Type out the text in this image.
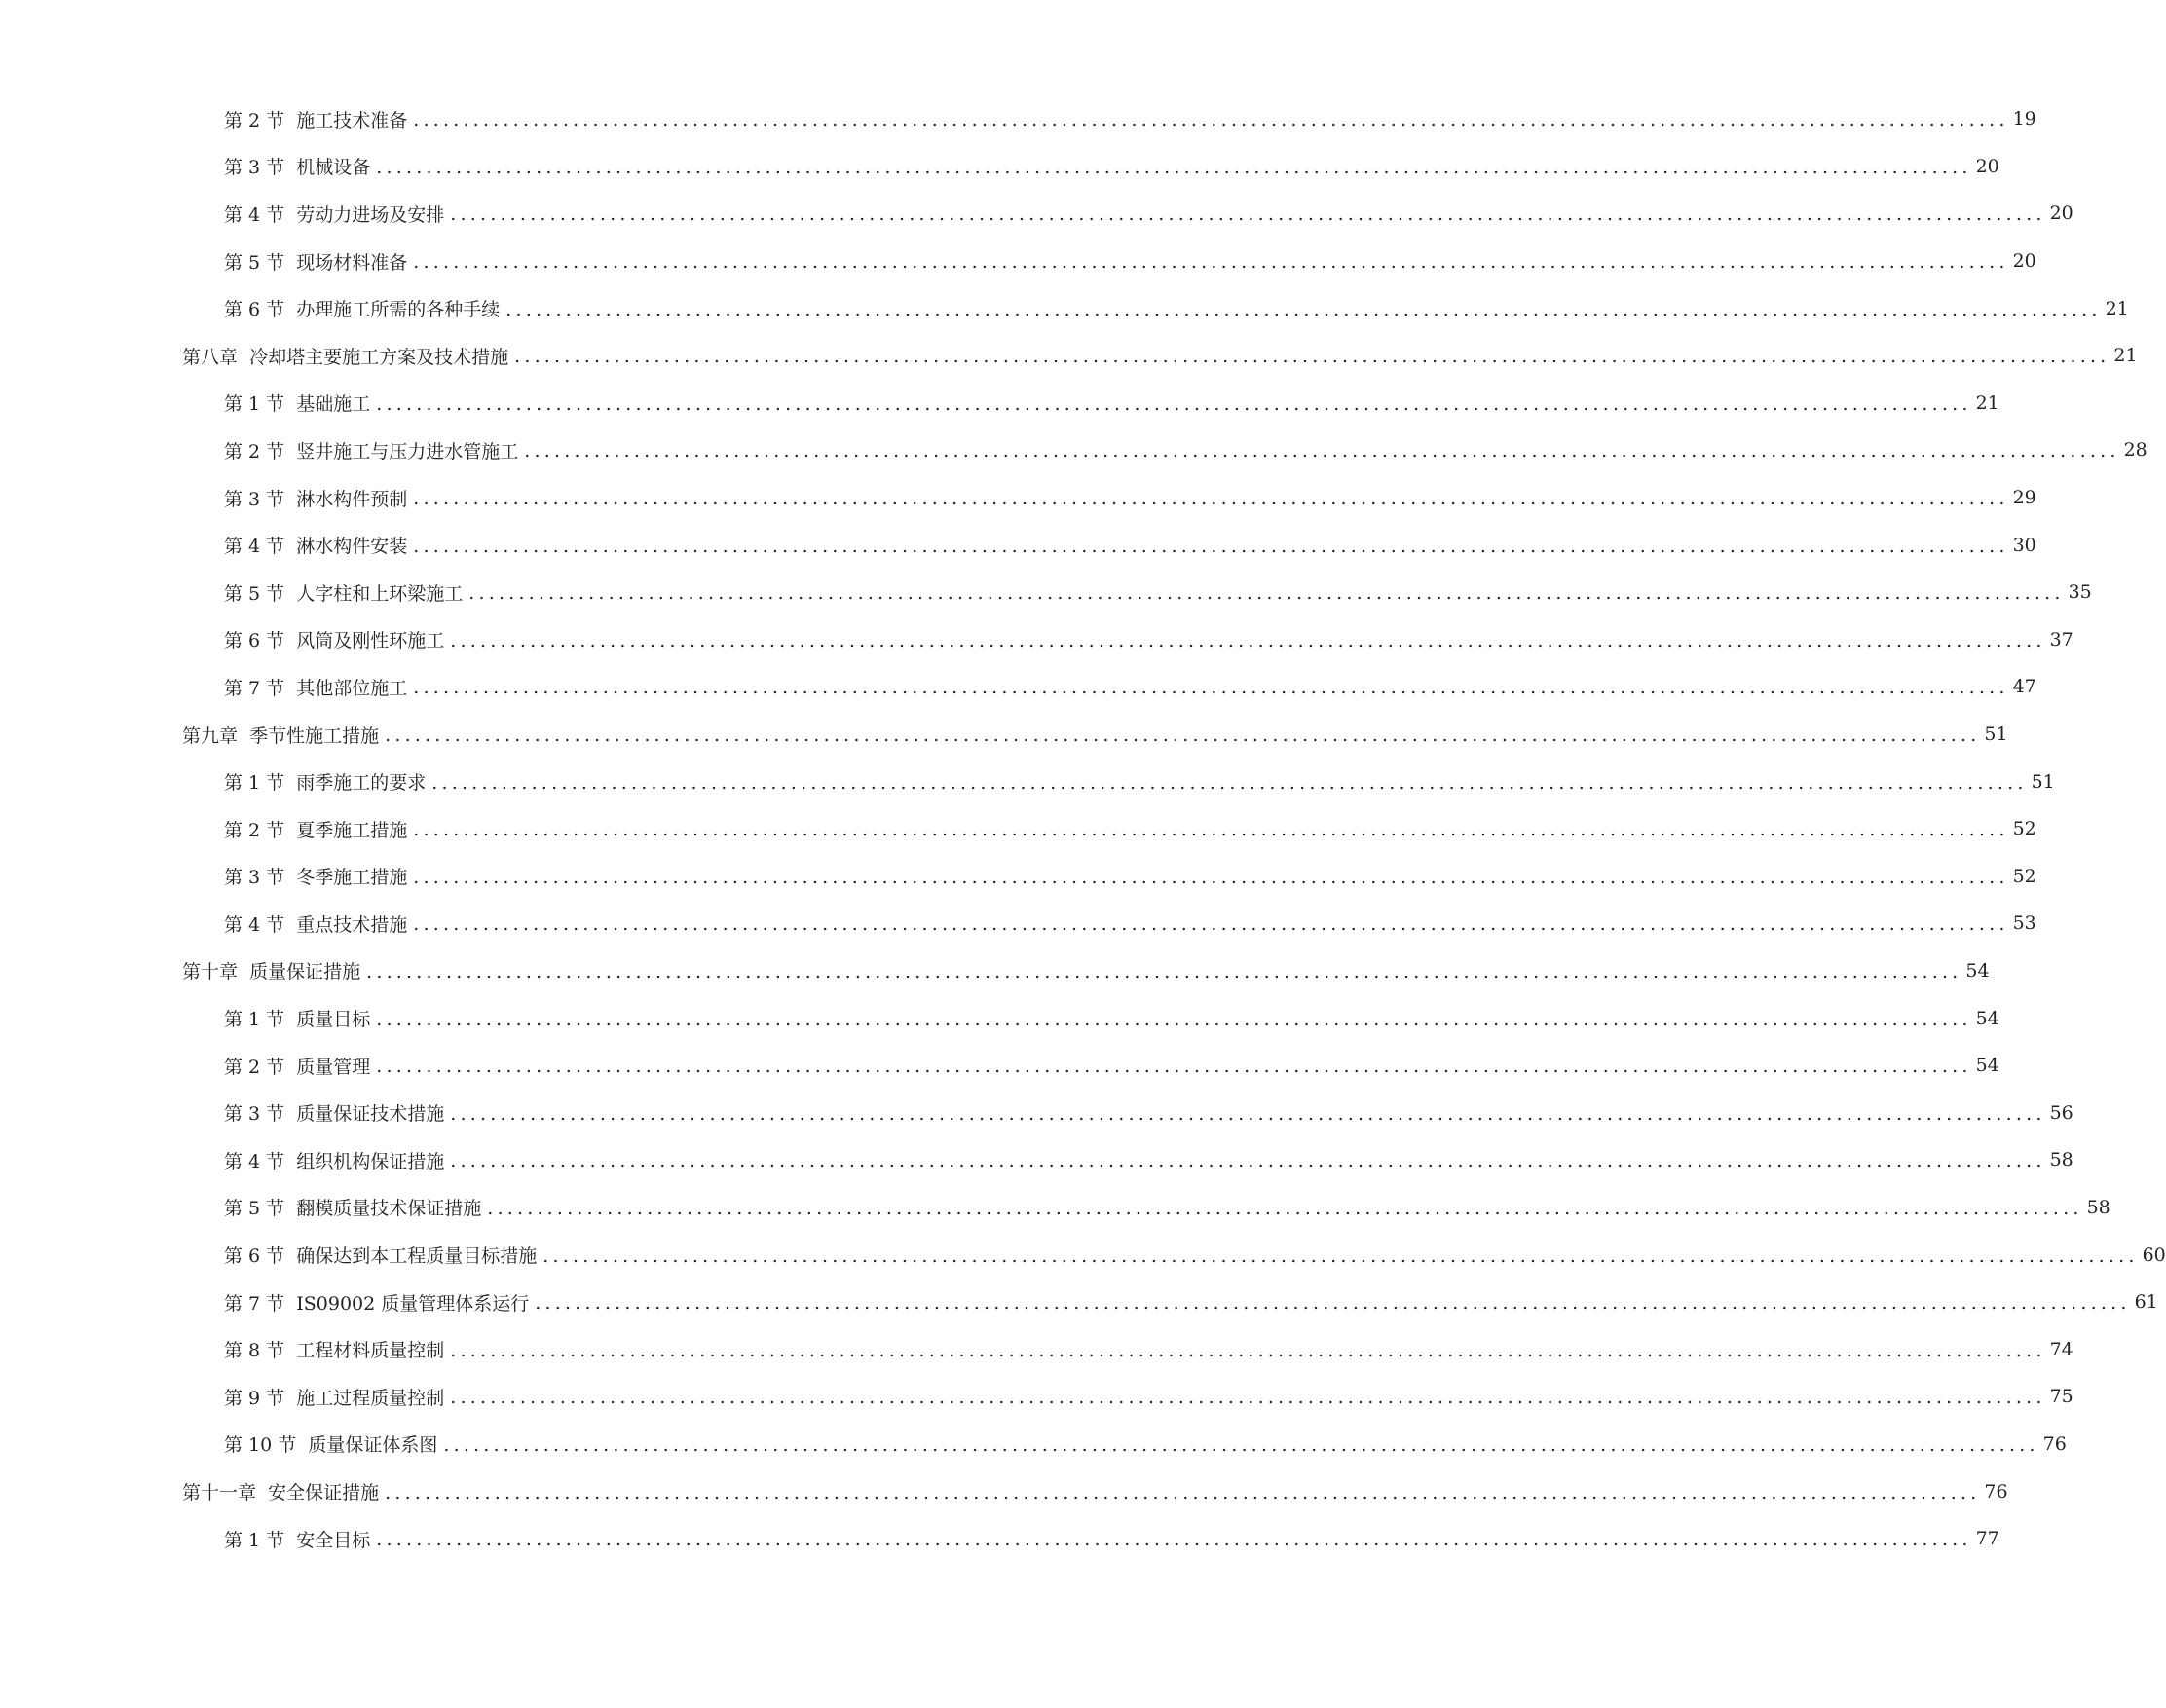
第 2 节  施工技术准备 ................................................................................................................................................................ 19
第 3 节  机械设备 ................................................................................................................................................................ 20
第 4 节  劳动力进场及安排 ................................................................................................................................................................ 20
第 5 节  现场材料准备 ................................................................................................................................................................ 20
第 6 节  办理施工所需的各种手续 ................................................................................................................................................................ 21
第八章  冷却塔主要施工方案及技术措施 ................................................................................................................................................................ 21
第 1 节  基础施工 ................................................................................................................................................................ 21
第 2 节  竖井施工与压力进水管施工 ................................................................................................................................................................ 28
第 3 节  淋水构件预制 ................................................................................................................................................................ 29
第 4 节  淋水构件安装 ................................................................................................................................................................ 30
第 5 节  人字柱和上环梁施工 ................................................................................................................................................................ 35
第 6 节  风筒及刚性环施工 ................................................................................................................................................................ 37
第 7 节  其他部位施工 ................................................................................................................................................................ 47
第九章  季节性施工措施 ................................................................................................................................................................ 51
第 1 节  雨季施工的要求 ................................................................................................................................................................ 51
第 2 节  夏季施工措施 ................................................................................................................................................................ 52
第 3 节  冬季施工措施 ................................................................................................................................................................ 52
第 4 节  重点技术措施 ................................................................................................................................................................ 53
第十章  质量保证措施 ................................................................................................................................................................ 54
第 1 节  质量目标 ................................................................................................................................................................ 54
第 2 节  质量管理 ................................................................................................................................................................ 54
第 3 节  质量保证技术措施 ................................................................................................................................................................ 56
第 4 节  组织机构保证措施 ................................................................................................................................................................ 58
第 5 节  翻模质量技术保证措施 ................................................................................................................................................................ 58
第 6 节  确保达到本工程质量目标措施 ................................................................................................................................................................ 60
第 7 节  IS09002 质量管理体系运行 ................................................................................................................................................................ 61
第 8 节  工程材料质量控制 ................................................................................................................................................................ 74
第 9 节  施工过程质量控制 ................................................................................................................................................................ 75
第 10 节  质量保证体系图 ................................................................................................................................................................ 76
第十一章  安全保证措施 ................................................................................................................................................................ 76
第 1 节  安全目标 ................................................................................................................................................................ 77
